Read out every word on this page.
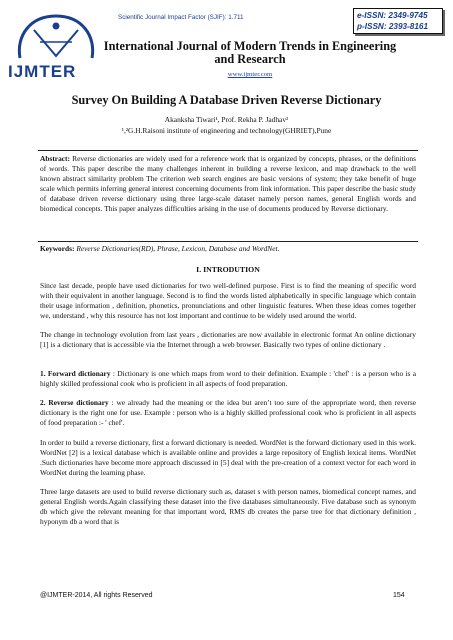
IJMTER
Scientific Journal Impact Factor (SJIF): 1.711	e-ISSN: 2349-9745
p-ISSN: 2393-8161
International Journal of Modern Trends in Engineering and Research
www.ijmter.com
Survey On Building A Database Driven Reverse Dictionary
Akanksha Tiwari¹, Prof. Rekha P. Jadhav²
¹,²G.H.Raisoni institute of engineering and technology(GHRIET),Pune
Abstract: Reverse dictionaries are widely used for a reference work that is organized by concepts, phrases, or the definitions of words. This paper describe the many challenges inherent in building a reverse lexicon, and map drawback to the well known abstract similarity problem The criterion web search engines are basic versions of system; they take benefit of huge scale which permits inferring general interest concerning documents from link information. This paper describe the basic study of database driven reverse dictionary using three large-scale dataset namely person names, general English words and biomedical concepts. This paper analyzes difficulties arising in the use of documents produced by Reverse dictionary.
Keywords: Reverse Dictionaries(RD), Phrase, Lexicon, Database and WordNet.
I. INTRODUTION
Since last decade, people have used dictionaries for two well-defined purpose. First is to find the meaning of specific word with their equivalent in another language. Second is to find the words listed alphabetically in specific language which contain their usage information , definition, phonetics, pronunciations and other linguistic features. When these ideas comes together we, understand , why this resource has not lost important and continue to be widely used around the world.
The change in technology evolution from last years , dictionaries are now available in electronic format An online dictionary [1] is a dictionary that is accessible via the Internet through a web browser. Basically two types of online dictionary .
1. Forward dictionary : Dictionary is one which maps from word to their definition. Example : 'chef' : is a person who is a highly skilled professional cook who is proficient in all aspects of food preparation.
2. Reverse dictionary : we already had the meaning or the idea but aren’t too sure of the appropriate word, then reverse dictionary is the right one for use. Example : person who is a highly skilled professional cook who is proficient in all aspects of food preparation :- ' chef'.
In order to build a reverse dictionary, first a forward dictionary is needed. WordNet is the forward dictionary used in this work. WordNet [2] is a lexical database which is available online and provides a large repository of English lexical items. WordNet .Such dictionaries have become more approach discussed in [5] deal with the pre-creation of a context vector for each word in WordNet during the learning phase.
Three large datasets are used to build reverse dictionary such as, dataset s with person names, biomedical concept names, and general English words.Again classifying these dataset into the five databases simultaneously. Five database such as synonym db which give the relevant meaning for that important word, RMS db creates the parse tree for that dictionary definition , hyponym db a word that is
@IJMTER-2014, All rights Reserved	154
